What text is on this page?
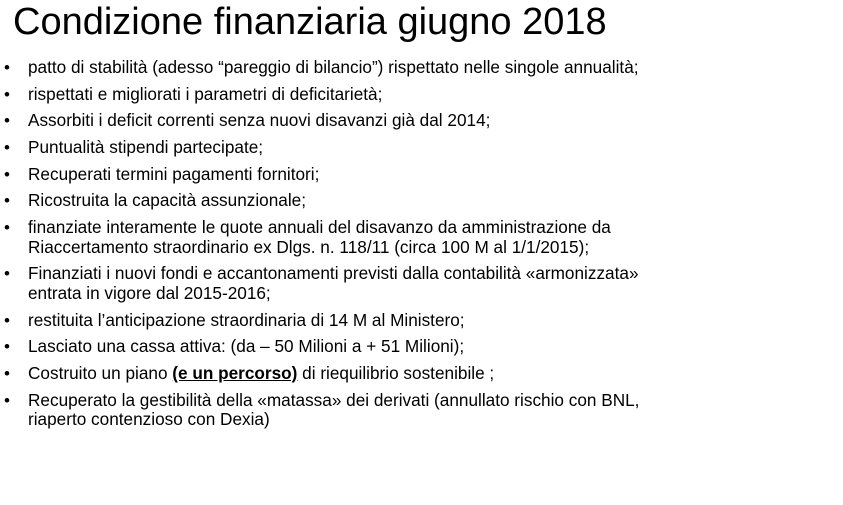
Condizione finanziaria giugno 2018
• patto di stabilità (adesso “pareggio di bilancio”) rispettato nelle singole annualità;
• rispettati e migliorati i parametri di deficitarietà;
• Assorbiti i deficit correnti senza nuovi disavanzi già dal 2014;
• Puntualità stipendi partecipate;
• Recuperati termini pagamenti fornitori;
• Ricostruita la capacità assunzionale;
• finanziate interamente le quote annuali del disavanzo da amministrazione da
Riaccertamento straordinario ex Dlgs. n. 118/11 (circa 100 M al 1/1/2015);
• Finanziati i nuovi fondi e accantonamenti previsti dalla contabilità «armonizzata»
entrata in vigore dal 2015-2016;
• restituita l’anticipazione straordinaria di 14 M al Ministero;
• Lasciato una cassa attiva: (da – 50 Milioni a + 51 Milioni);
• Costruito un piano (e un percorso) di riequilibrio sostenibile ;
• Recuperato la gestibilità della «matassa» dei derivati (annullato rischio con BNL,
riaperto contenzioso con Dexia)
